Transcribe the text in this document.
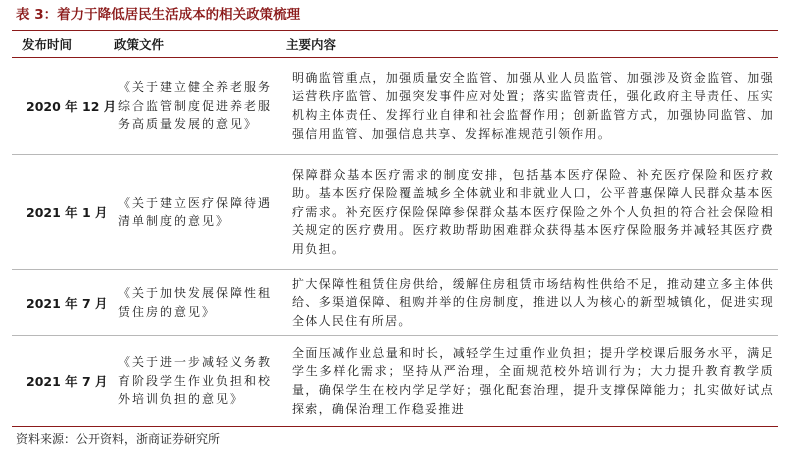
表 3：着力于降低居民生活成本的相关政策梳理
发布时间	政策文件	主要内容
2020 年 12 月	《关于建立健全养老服务综合监管制度促进养老服务高质量发展的意见》	明确监管重点，加强质量安全监管、加强从业人员监管、加强涉及资金监管、加强运营秩序监管、加强突发事件应对处置；落实监管责任，强化政府主导责任、压实机构主体责任、发挥行业自律和社会监督作用；创新监管方式，加强协同监管、加强信用监管、加强信息共享、发挥标准规范引领作用。
2021 年 1 月	《关于建立医疗保障待遇清单制度的意见》	保障群众基本医疗需求的制度安排，包括基本医疗保险、补充医疗保险和医疗救助。基本医疗保险覆盖城乡全体就业和非就业人口，公平普惠保障人民群众基本医疗需求。补充医疗保险保障参保群众基本医疗保险之外个人负担的符合社会保险相关规定的医疗费用。医疗救助帮助困难群众获得基本医疗保险服务并减轻其医疗费用负担。
2021 年 7 月	《关于加快发展保障性租赁住房的意见》	扩大保障性租赁住房供给，缓解住房租赁市场结构性供给不足，推动建立多主体供给、多渠道保障、租购并举的住房制度，推进以人为核心的新型城镇化，促进实现全体人民住有所居。
2021 年 7 月	《关于进一步减轻义务教育阶段学生作业负担和校外培训负担的意见》	全面压减作业总量和时长，减轻学生过重作业负担；提升学校课后服务水平，满足学生多样化需求；坚持从严治理，全面规范校外培训行为；大力提升教育教学质量，确保学生在校内学足学好；强化配套治理，提升支撑保障能力；扎实做好试点探索，确保治理工作稳妥推进
资料来源：公开资料，浙商证券研究所
